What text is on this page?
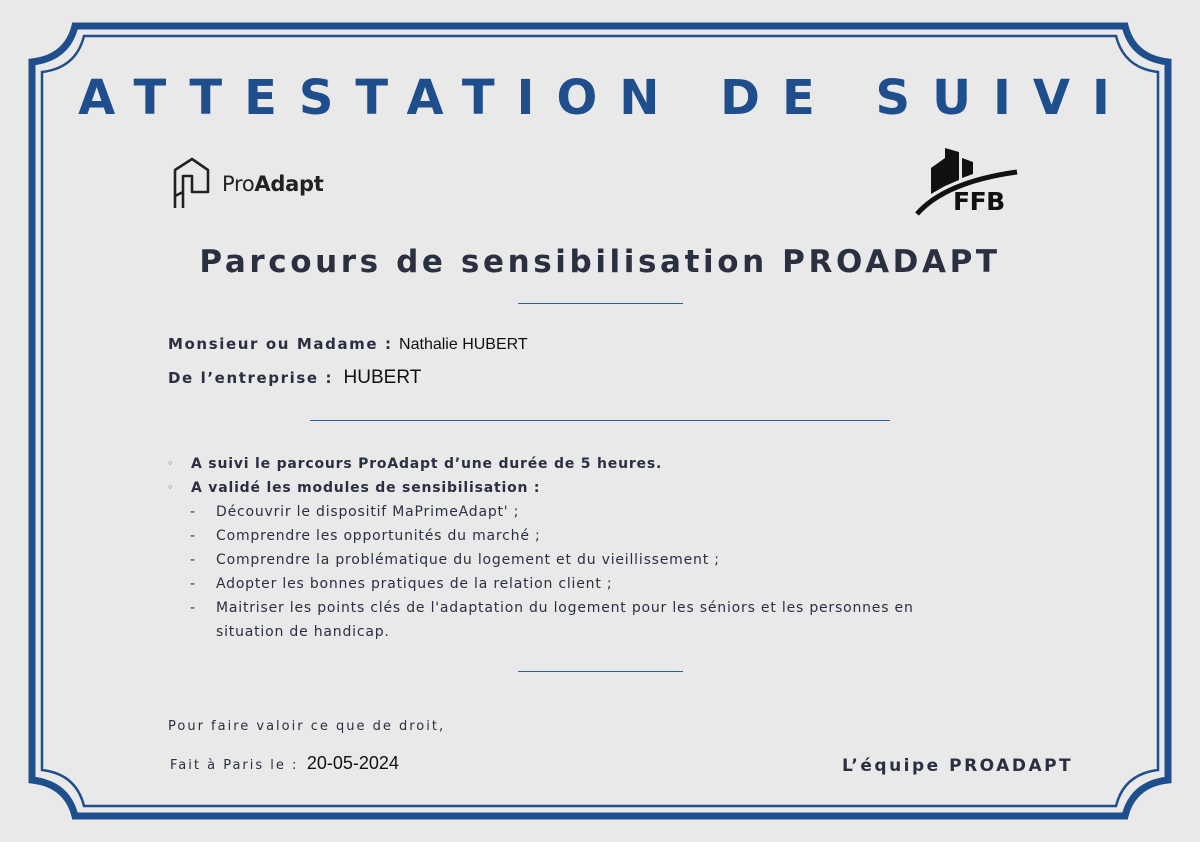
ATTESTATION DE SUIVI
ProAdapt
FFB
Parcours de sensibilisation PROADAPT
Monsieur ou Madame : Nathalie HUBERT
De l’entreprise : HUBERT
◦ A suivi le parcours ProAdapt d’une durée de 5 heures.
◦ A validé les modules de sensibilisation :
- Découvrir le dispositif MaPrimeAdapt' ;
- Comprendre les opportunités du marché ;
- Comprendre la problématique du logement et du vieillissement ;
- Adopter les bonnes pratiques de la relation client ;
- Maitriser les points clés de l'adaptation du logement pour les séniors et les personnes en
situation de handicap.
Pour faire valoir ce que de droit,
Fait à Paris le : 20-05-2024	L’équipe PROADAPT
